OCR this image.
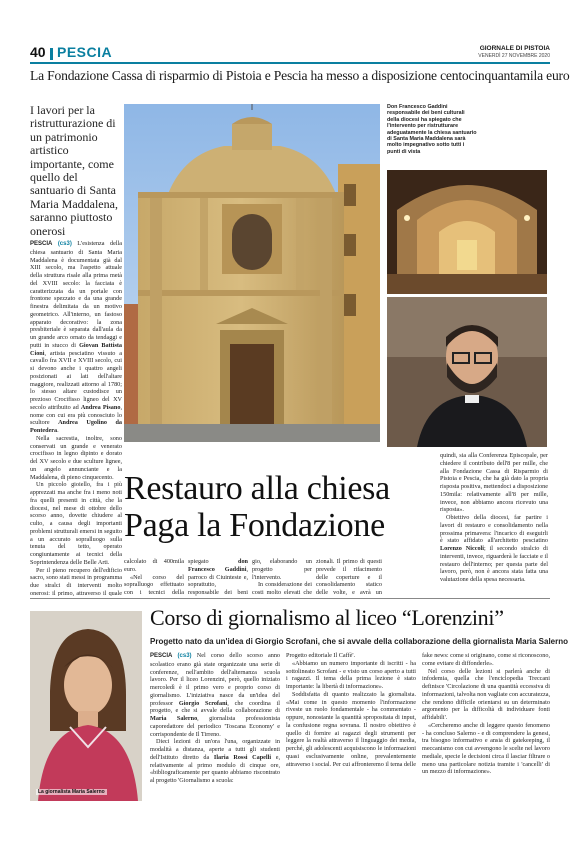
40 PESCIA	GIORNALE DI PISTOIA
VENERDÌ 27 NOVEMBRE 2020
La Fondazione Cassa di risparmio di Pistoia e Pescia ha messo a disposizione centocinquantamila euro
I lavori per la ristrutturazione di un patrimonio artistico importante, come quello del santuario di Santa Maria Maddalena, saranno piuttosto onerosi
Don Francesco Gaddini responsabile dei beni culturali della diocesi ha spiegato che l'intervento per ristrutturare adeguatamente la chiesa santuario di Santa Maria Maddalena sarà molto impegnativo sotto tutti i punti di vista
PESCIA (cs3) L'esistenza della chiesa santuario di Santa Maria Maddalena è documentata già dal XIII secolo, ma l'aspetto attuale della struttura risale alla prima metà del XVIII secolo: la facciata è caratterizzata da un portale con frontone spezzato e da una grande finestra delimitata da un motivo geometrico. All'interno, un fastoso apparato decorativo: la zona presbiteriale è separata dall'aula da un grande arco ornato da tendaggi e putti in stucco di Giovan Battista Cioni, artista pesciatino vissuto a cavallo fra XVII e XVIII secolo, cui si devono anche i quattro angeli posizionati ai lati dell'altare maggiore, realizzati attorno al 1780; lo stesso altare custodisce un prezioso Crocifisso ligneo del XV secolo attribuito ad Andrea Pisano, nome con cui era più conosciuto lo scultore Andrea Ugolino da Pontedera.
Nella sacrestia, inoltre, sono conservati un grande e venerato crocifisso in legno dipinto e dorato del XV secolo e due sculture lignee, un angelo annunciante e la Maddalena, di pieno cinquecento.
Un piccolo gioiello, fra i più apprezzati ma anche fra i meno noti fra quelli presenti in città, che la diocesi, nel mese di ottobre dello scorso anno, dovette chiudere al culto, a causa degli importanti problemi strutturali emersi in seguito a un accurato sopralluogo sulla tenuta del tetto, operato congiuntamente ai tecnici della Soprintendenza delle Belle Arti.
Per il pieno recupero dell'edificio sacro, sono stati messi in programma due stralci di interventi molto onerosi: il primo, attraverso il quale
calcolato di 400mila euro.
«Nel corso del sopralluogo effettuato con i tecnici della
spiegato	don Francesco Gaddini, parroco di Ciuinteste e, soprattutto, responsabile dei beni
gio, elaborando un progetto per l'intervento.
In considerazione dei costi molto elevati che
zionali. Il primo di questi prevede il rifacimento delle coperture e il consolidamento statico delle volte, e avrà un
quindi, sia alla Conferenza Episcopale, per chiedere il contributo dell'8 per mille, che alla Fondazione Cassa di Risparmio di Pistoia e Pescia, che ha già dato la propria risposta positiva, mettendoci a disposizione 150mila: relativamente all'8 per mille, invece, non abbiamo ancora ricevuto una risposta».
Obiettivo della diocesi, far partire i lavori di restauro e consolidamento nella prossima primavera: l'incarico di eseguirli è stato affidato all'architetto pesciatino Lorenzo Niccoli; il secondo stralcio di interventi, invece, riguarderà le facciate e il restauro dell'interno; per questa parte del lavoro, però, non è ancora stata fatta una valutazione della spesa necessaria.
Restauro alla chiesa
Paga la Fondazione
La giornalista Maria Salerno
Corso di giornalismo al liceo “Lorenzini”
Progetto nato da un'idea di Giorgio Scrofani, che si avvale della collaborazione della giornalista Maria Salerno
PESCIA (cs3) Nel corso dello scorso anno scolastico erano già state organizzate una serie di conferenze, nell'ambito dell'alternanza scuola lavoro. Per il liceo Lorenzini, però, quello iniziato mercoledì è il primo vero e proprio corso di giornalismo. L'iniziativa nasce da un'idea del professor Giorgio Scrofani, che coordina il progetto, e che si avvale della collaborazione di Maria Salerno, giornalista professionista caporedattore del periodico 'Toscana Economy' e corrispondente de Il Tirreno.
Dieci lezioni di un'ora l'una, organizzate in modalità a distanza, aperte a tutti gli studenti dell'Istituto diretto da Ilaria Rossi Capelli e, relativamente al primo modulo di cinque ore, «bibliograficamente per quanto abbiamo riscontrato al progetto 'Giornalismo a scuola:
Progetto editoriale Il Caffè'.
«Abbiamo un numero importante di iscritti - ha sottolineato Scrofani - e visto un corso aperto a tutti i ragazzi. Il tema della prima lezione è stato importante: la libertà di informazione».
Soddisfatta di quanto realizzato la giornalista. «Mai come in questo momento l'informazione riveste un ruolo fondamentale - ha commentato - oppure, nonostante la quantità spropositata di input, la confusione regna sovrana. Il nostro obiettivo è quello di fornire ai ragazzi degli strumenti per leggere la realtà attraverso il linguaggio dei media, perché, gli adolescenti acquisiscono le informazioni quasi esclusivamente online, prevalentemente attraverso i social. Per cui affronteremo il tema delle
fake news: come si originano, come si riconoscono, come evitare di diffonderle».
Nel corso delle lezioni si parlerà anche di infodemia, quella che l'enciclopedia Treccani definisce 'Circolazione di una quantità eccessiva di informazioni, talvolta non vagliate con accuratezza, che rendono difficile orientarsi su un determinato argomento per la difficoltà di individuare fonti affidabili'.
«Cercheremo anche di leggere questo fenomeno - ha concluso Salerno - e di comprendere la genesi, tra bisogno informativo e ansia di gatekeeping, il meccanismo con cui avvengono le scelte nel lavoro mediale, specie le decisioni circa il lasciar filtrare o meno una particolare notizia tramite i 'cancelli' di un mezzo di informazione».
